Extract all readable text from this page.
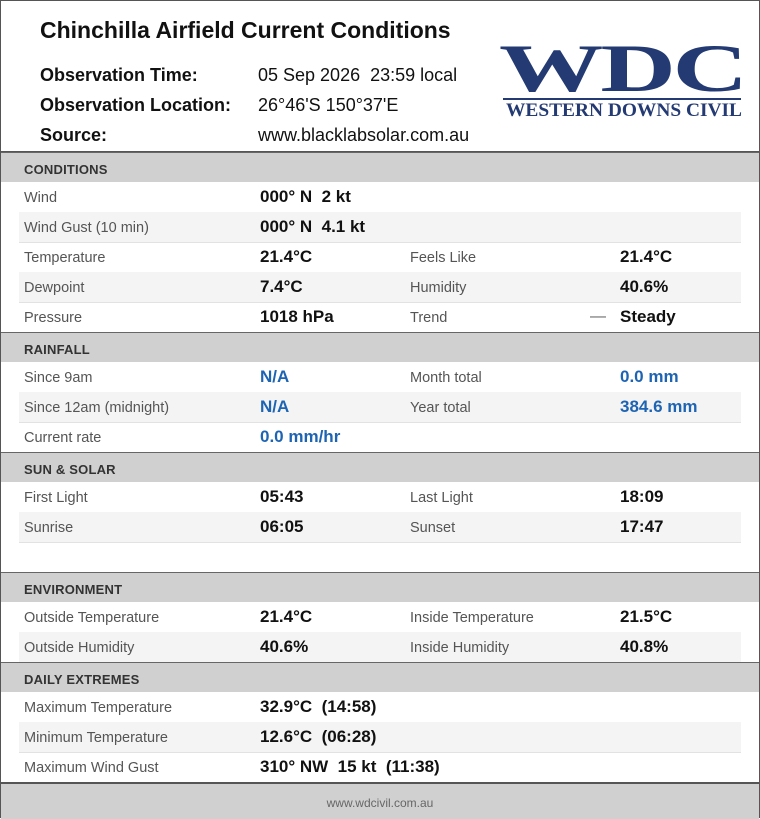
Chinchilla Airfield Current Conditions
Observation Time:	05 Sep 2026  23:59 local
Observation Location: 26°46'S 150°37'E
Source:	www.blacklabsolar.com.au
WDC
WESTERN DOWNS CIVIL
CONDITIONS
Wind	000° N  2 kt
Wind Gust (10 min)	000° N  4.1 kt
Temperature	21.4°C	Feels Like	21.4°C
Dewpoint	7.4°C	Humidity	40.6%
Pressure	1018 hPa	Trend	— Steady
RAINFALL
Since 9am	N/A	Month total	0.0 mm
Since 12am (midnight)	N/A	Year total	384.6 mm
Current rate	0.0 mm/hr
SUN & SOLAR
First Light	05:43	Last Light	18:09
Sunrise	06:05	Sunset	17:47
ENVIRONMENT
Outside Temperature	21.4°C	Inside Temperature	21.5°C
Outside Humidity	40.6%	Inside Humidity	40.8%
DAILY EXTREMES
Maximum Temperature	32.9°C  (14:58)
Minimum Temperature	12.6°C  (06:28)
Maximum Wind Gust	310° NW  15 kt  (11:38)
www.wdcivil.com.au
